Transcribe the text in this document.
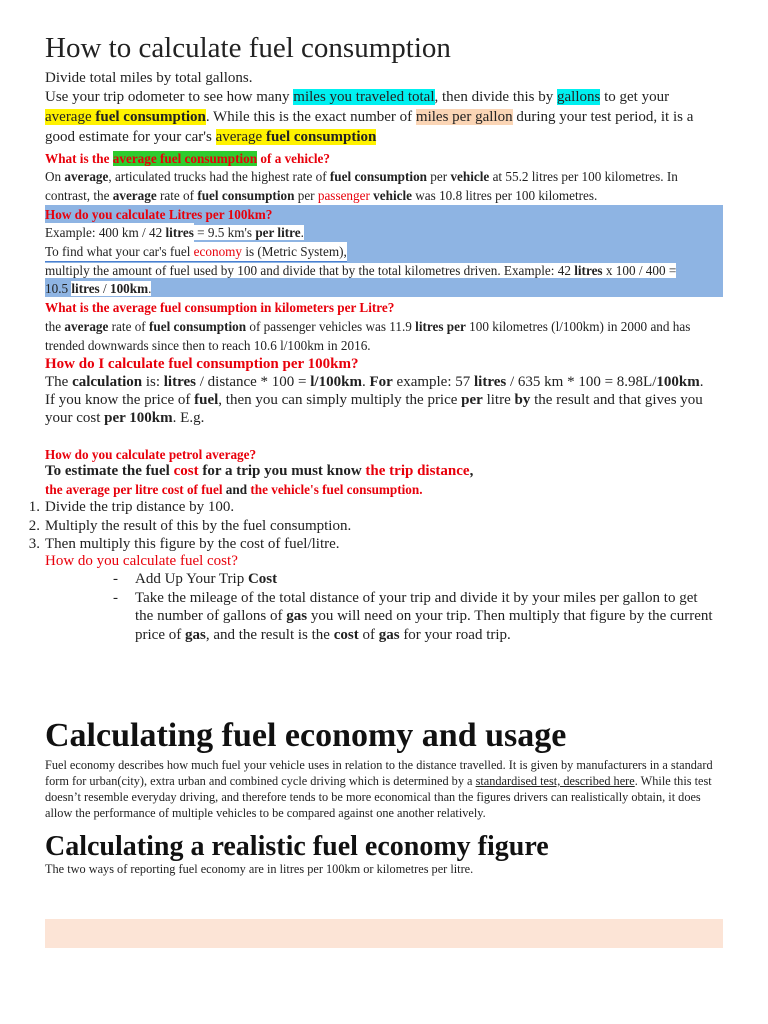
How to calculate fuel consumption
Divide total miles by total gallons.
Use your trip odometer to see how many miles you traveled total, then divide this by gallons to get your
average fuel consumption. While this is the exact number of miles per gallon during your test period, it is a
good estimate for your car's average fuel consumption
What is the average fuel consumption of a vehicle?
On average, articulated trucks had the highest rate of fuel consumption per vehicle at 55.2 litres per 100 kilometres. In
contrast, the average rate of fuel consumption per passenger vehicle was 10.8 litres per 100 kilometres.
How do you calculate Litres per 100km?
Example: 400 km / 42 litres = 9.5 km's per litre.
To find what your car's fuel economy is (Metric System),
multiply the amount of fuel used by 100 and divide that by the total kilometres driven. Example: 42 litres x 100 / 400 =
10.5 litres / 100km.
What is the average fuel consumption in kilometers per Litre?
the average rate of fuel consumption of passenger vehicles was 11.9 litres per 100 kilometres (l/100km) in 2000 and has
trended downwards since then to reach 10.6 l/100km in 2016.
How do I calculate fuel consumption per 100km?
The calculation is: litres / distance * 100 = l/100km. For example: 57 litres / 635 km * 100 = 8.98L/100km.
If you know the price of fuel, then you can simply multiply the price per litre by the result and that gives you
your cost per 100km. E.g.
How do you calculate petrol average?
To estimate the fuel cost for a trip you must know the trip distance,
the average per litre cost of fuel and the vehicle's fuel consumption.
1. Divide the trip distance by 100.
2. Multiply the result of this by the fuel consumption.
3. Then multiply this figure by the cost of fuel/litre.
How do you calculate fuel cost?
- Add Up Your Trip Cost
- Take the mileage of the total distance of your trip and divide it by your miles per gallon to get the number of gallons of gas you will need on your trip. Then multiply that figure by the current price of gas, and the result is the cost of gas for your road trip.
Calculating fuel economy and usage
Fuel economy describes how much fuel your vehicle uses in relation to the distance travelled. It is given by manufacturers in a standard form for urban(city), extra urban and combined cycle driving which is determined by a standardised test, described here. While this test doesn’t resemble everyday driving, and therefore tends to be more economical than the figures drivers can realistically obtain, it does allow the performance of multiple vehicles to be compared against one another relatively.
Calculating a realistic fuel economy figure
The two ways of reporting fuel economy are in litres per 100km or kilometres per litre.
